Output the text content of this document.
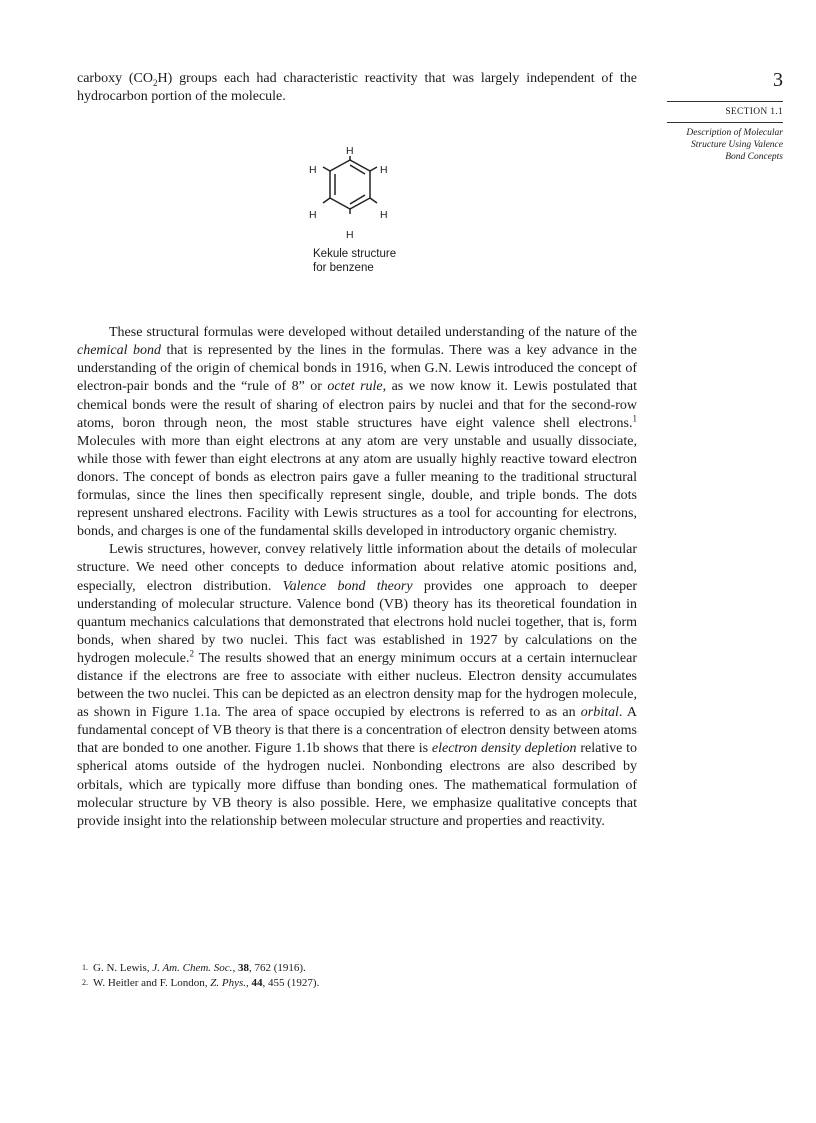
3
SECTION 1.1
Description of Molecular
Structure Using Valence
Bond Concepts

carboxy $(CO_2H)$ groups each had characteristic reactivity that was largely independent of the hydrocarbon portion of the molecule.

These structural formulas were developed without detailed understanding of the nature of the chemical bond that is represented by the lines in the formulas. There was a key advance in the understanding of the origin of chemical bonds in 1916, when G.N. Lewis introduced the concept of electron-pair bonds and the “rule of 8” or octet rule, as we now know it. Lewis postulated that chemical bonds were the result of sharing of electron pairs by nuclei and that for the second-row atoms, boron through neon, the most stable structures have eight valence shell electrons.$^1$ Molecules with more than eight electrons at any atom are very unstable and usually dissociate, while those with fewer than eight electrons at any atom are usually highly reactive toward electron donors. The concept of bonds as electron pairs gave a fuller meaning to the traditional structural formulas, since the lines then specifically represent single, double, and triple bonds. The dots represent unshared electrons. Facility with Lewis structures as a tool for accounting for electrons, bonds, and charges is one of the fundamental skills developed in introductory organic chemistry.

Lewis structures, however, convey relatively little information about the details of molecular structure. We need other concepts to deduce information about relative atomic positions and, especially, electron distribution. Valence bond theory provides one approach to deeper understanding of molecular structure. Valence bond (VB) theory has its theoretical foundation in quantum mechanics calculations that demonstrated that electrons hold nuclei together, that is, form bonds, when shared by two nuclei. This fact was established in 1927 by calculations on the hydrogen molecule.$^2$ The results showed that an energy minimum occurs at a certain internuclear distance if the electrons are free to associate with either nucleus. Electron density accumulates between the two nuclei. This can be depicted as an electron density map for the hydrogen molecule, as shown in Figure 1.1a. The area of space occupied by electrons is referred to as an orbital. A fundamental concept of VB theory is that there is a concentration of electron density between atoms that are bonded to one another. Figure 1.1b shows that there is electron density depletion relative to spherical atoms outside of the hydrogen nuclei. Nonbonding electrons are also described by orbitals, which are typically more diffuse than bonding ones. The mathematical formulation of molecular structure by VB theory is also possible. Here, we emphasize qualitative concepts that provide insight into the relationship between molecular structure and properties and reactivity.

H
H
H
H
H
H
Kekule structure
for benzene

$^{1.}$ G. N. Lewis, J. Am. Chem. Soc., 38, 762 (1916).

$^{2.}$ W. Heitler and F. London, Z. Phys., 44, 455 (1927).
